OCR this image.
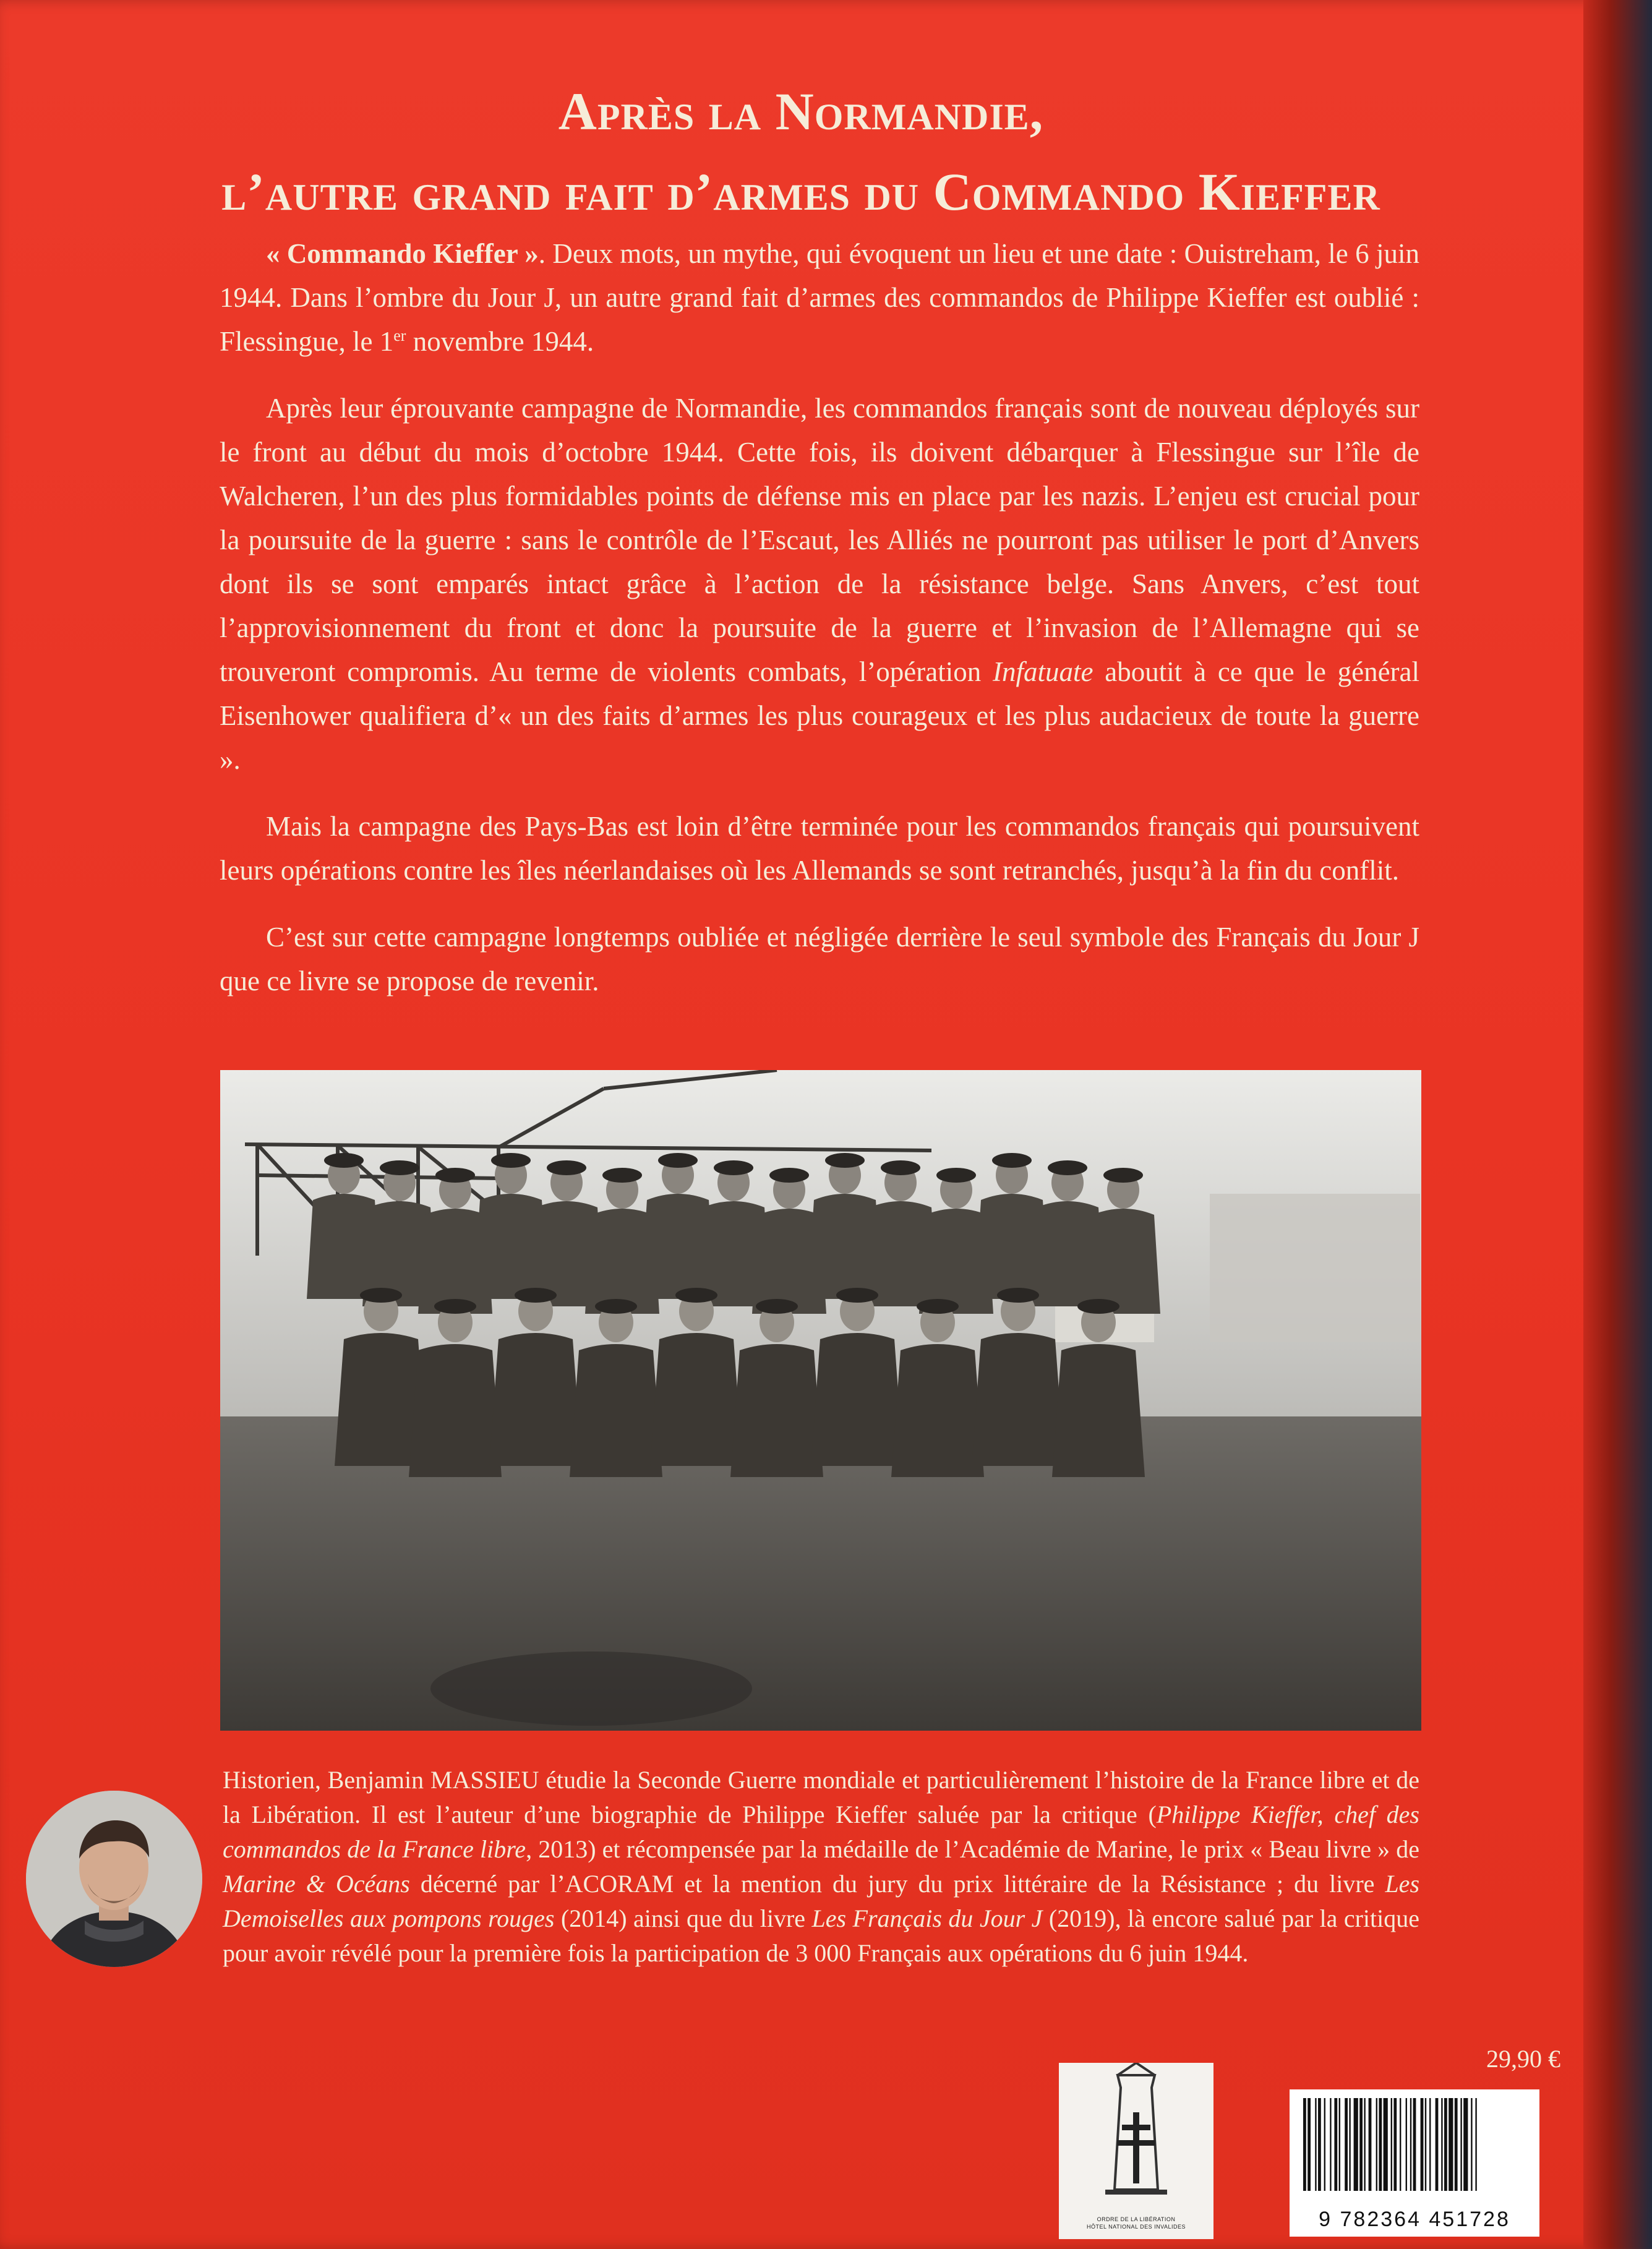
Après la Normandie,
l’autre grand fait d’armes du Commando Kieffer

« Commando Kieffer ». Deux mots, un mythe, qui évoquent un lieu et une date : Ouistreham, le 6 juin 1944. Dans l’ombre du Jour J, un autre grand fait d’armes des commandos de Philippe Kieffer est oublié : Flessingue, le 1er novembre 1944.

Après leur éprouvante campagne de Normandie, les commandos français sont de nouveau déployés sur le front au début du mois d’octobre 1944. Cette fois, ils doivent débarquer à Flessingue sur l’île de Walcheren, l’un des plus formidables points de défense mis en place par les nazis. L’enjeu est crucial pour la poursuite de la guerre : sans le contrôle de l’Escaut, les Alliés ne pourront pas utiliser le port d’Anvers dont ils se sont emparés intact grâce à l’action de la résistance belge. Sans Anvers, c’est tout l’approvisionnement du front et donc la poursuite de la guerre et l’invasion de l’Allemagne qui se trouveront compromis. Au terme de violents combats, l’opération Infatuate aboutit à ce que le général Eisenhower qualifiera d’« un des faits d’armes les plus courageux et les plus audacieux de toute la guerre ».

Mais la campagne des Pays-Bas est loin d’être terminée pour les commandos français qui poursuivent leurs opérations contre les îles néerlandaises où les Allemands se sont retranchés, jusqu’à la fin du conflit.

C’est sur cette campagne longtemps oubliée et négligée derrière le seul symbole des Français du Jour J que ce livre se propose de revenir.

Historien, Benjamin MASSIEU étudie la Seconde Guerre mondiale et particulièrement l’histoire de la France libre et de la Libération. Il est l’auteur d’une biographie de Philippe Kieffer saluée par la critique (Philippe Kieffer, chef des commandos de la France libre, 2013) et récompensée par la médaille de l’Académie de Marine, le prix « Beau livre » de Marine & Océans décerné par l’ACORAM et la mention du jury du prix littéraire de la Résistance ; du livre Les Demoiselles aux pompons rouges (2014) ainsi que du livre Les Français du Jour J (2019), là encore salué par la critique pour avoir révélé pour la première fois la participation de 3 000 Français aux opérations du 6 juin 1944.
29,90 €
ORDRE DE LA LIBÉRATION
HÔTEL NATIONAL DES INVALIDES	9 782364 451728
